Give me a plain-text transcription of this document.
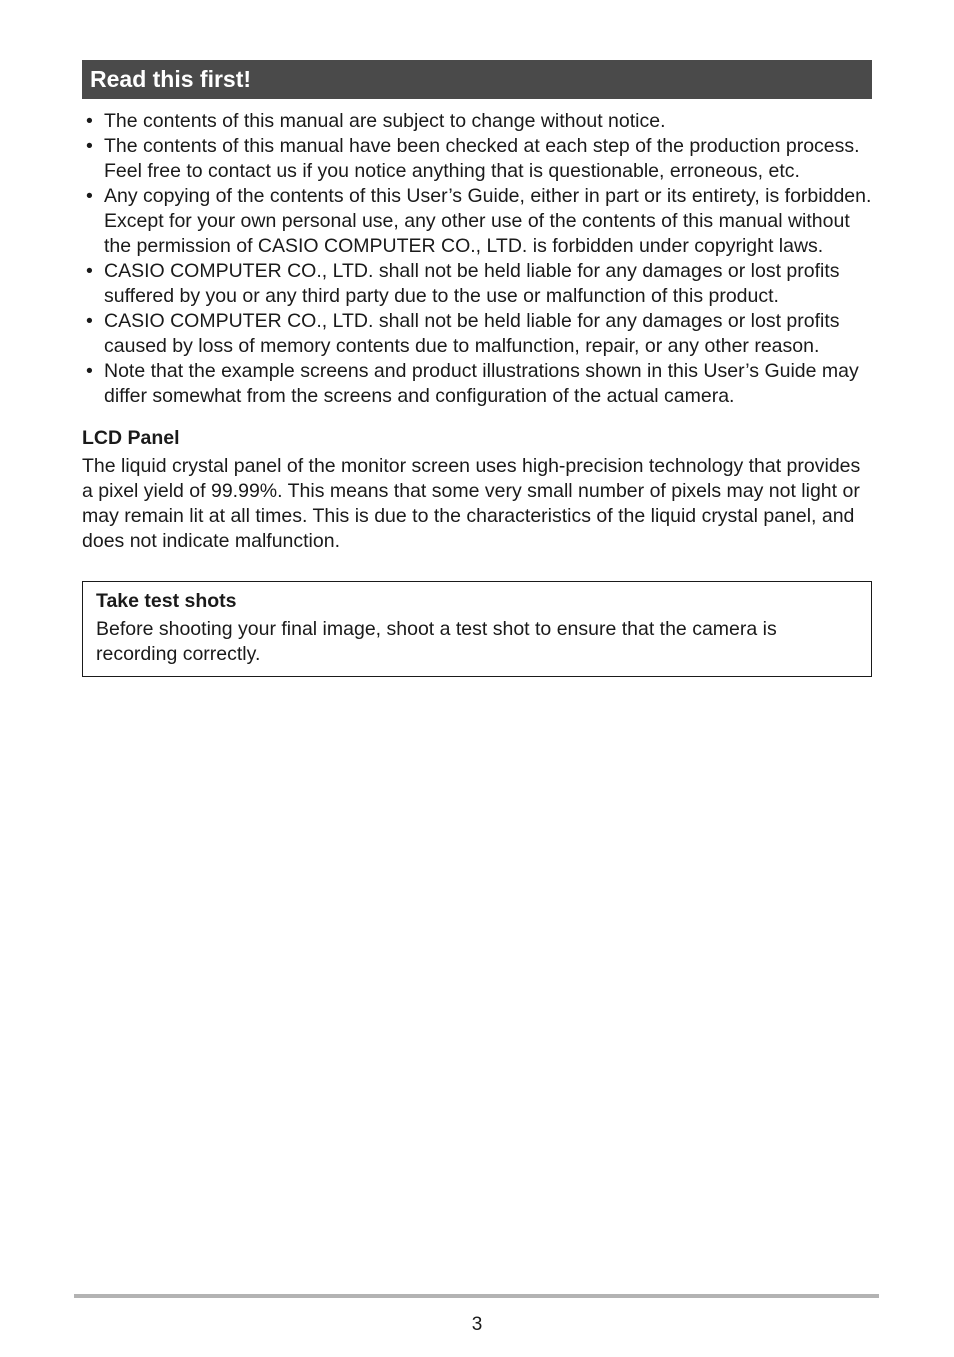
Read this first!
• The contents of this manual are subject to change without notice.
• The contents of this manual have been checked at each step of the production process. Feel free to contact us if you notice anything that is questionable, erroneous, etc.
• Any copying of the contents of this User’s Guide, either in part or its entirety, is forbidden. Except for your own personal use, any other use of the contents of this manual without the permission of CASIO COMPUTER CO., LTD. is forbidden under copyright laws.
• CASIO COMPUTER CO., LTD. shall not be held liable for any damages or lost profits suffered by you or any third party due to the use or malfunction of this product.
• CASIO COMPUTER CO., LTD. shall not be held liable for any damages or lost profits caused by loss of memory contents due to malfunction, repair, or any other reason.
• Note that the example screens and product illustrations shown in this User’s Guide may differ somewhat from the screens and configuration of the actual camera.
LCD Panel

The liquid crystal panel of the monitor screen uses high-precision technology that provides a pixel yield of 99.99%. This means that some very small number of pixels may not light or may remain lit at all times. This is due to the characteristics of the liquid crystal panel, and does not indicate malfunction.

Take test shots
Before shooting your final image, shoot a test shot to ensure that the camera is recording correctly.
3
